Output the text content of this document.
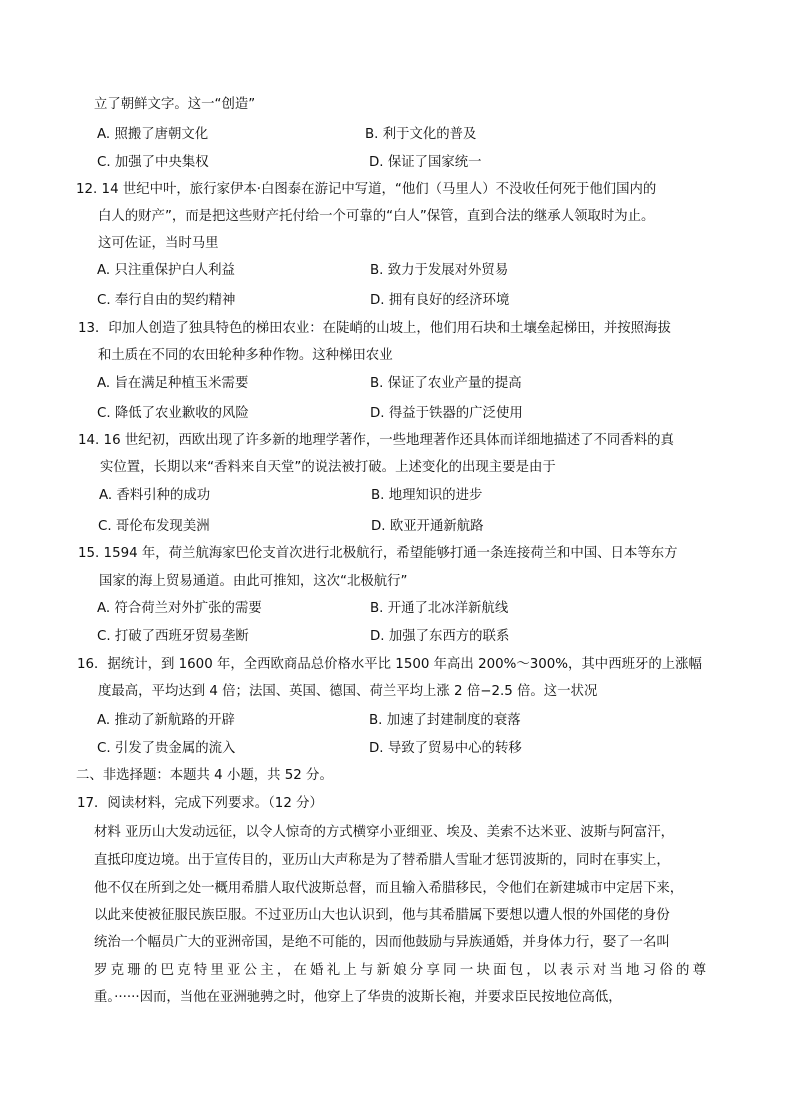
立了朝鲜文字。这一“创造”
A. 照搬了唐朝文化	B. 利于文化的普及
C. 加强了中央集权	D. 保证了国家统一
12. 14 世纪中叶，旅行家伊本·白图泰在游记中写道，“他们（马里人）不没收任何死于他们国内的
白人的财产”，而是把这些财产托付给一个可靠的“白人”保管，直到合法的继承人领取时为止。
这可佐证，当时马里
A. 只注重保护白人利益	B. 致力于发展对外贸易
C. 奉行自由的契约精神	D. 拥有良好的经济环境
13．印加人创造了独具特色的梯田农业：在陡峭的山坡上，他们用石块和土壤垒起梯田，并按照海拔
和土质在不同的农田轮种多种作物。这种梯田农业
A. 旨在满足种植玉米需要	B. 保证了农业产量的提高
C. 降低了农业歉收的风险	D. 得益于铁器的广泛使用
14. 16 世纪初，西欧出现了许多新的地理学著作，一些地理著作还具体而详细地描述了不同香料的真
实位置，长期以来“香料来自天堂”的说法被打破。上述变化的出现主要是由于
A. 香料引种的成功	B. 地理知识的进步
C. 哥伦布发现美洲	D. 欧亚开通新航路
15. 1594 年，荷兰航海家巴伦支首次进行北极航行，希望能够打通一条连接荷兰和中国、日本等东方
国家的海上贸易通道。由此可推知，这次“北极航行”
A. 符合荷兰对外扩张的需要	B. 开通了北冰洋新航线
C. 打破了西班牙贸易垄断	D. 加强了东西方的联系
16．据统计，到 1600 年，全西欧商品总价格水平比 1500 年高出 200%～300%，其中西班牙的上涨幅
度最高，平均达到 4 倍；法国、英国、德国、荷兰平均上涨 2 倍−2.5 倍。这一状况
A. 推动了新航路的开辟	B. 加速了封建制度的衰落
C. 引发了贵金属的流入	D. 导致了贸易中心的转移
二、非选择题：本题共 4 小题，共 52 分。
17．阅读材料，完成下列要求。（12 分）
材料 亚历山大发动远征，以令人惊奇的方式横穿小亚细亚、埃及、美索不达米亚、波斯与阿富汗，
直抵印度边境。出于宣传目的，亚历山大声称是为了替希腊人雪耻才惩罚波斯的，同时在事实上，
他不仅在所到之处一概用希腊人取代波斯总督，而且输入希腊移民，令他们在新建城市中定居下来，
以此来使被征服民族臣服。不过亚历山大也认识到，他与其希腊属下要想以遭人恨的外国佬的身份
统治一个幅员广大的亚洲帝国，是绝不可能的，因而他鼓励与异族通婚，并身体力行，娶了一名叫
罗克珊的巴克特里亚公主，在婚礼上与新娘分享同一块面包，以表示对当地习俗的尊
重。······因而，当他在亚洲驰骋之时，他穿上了华贵的波斯长袍，并要求臣民按地位高低，
